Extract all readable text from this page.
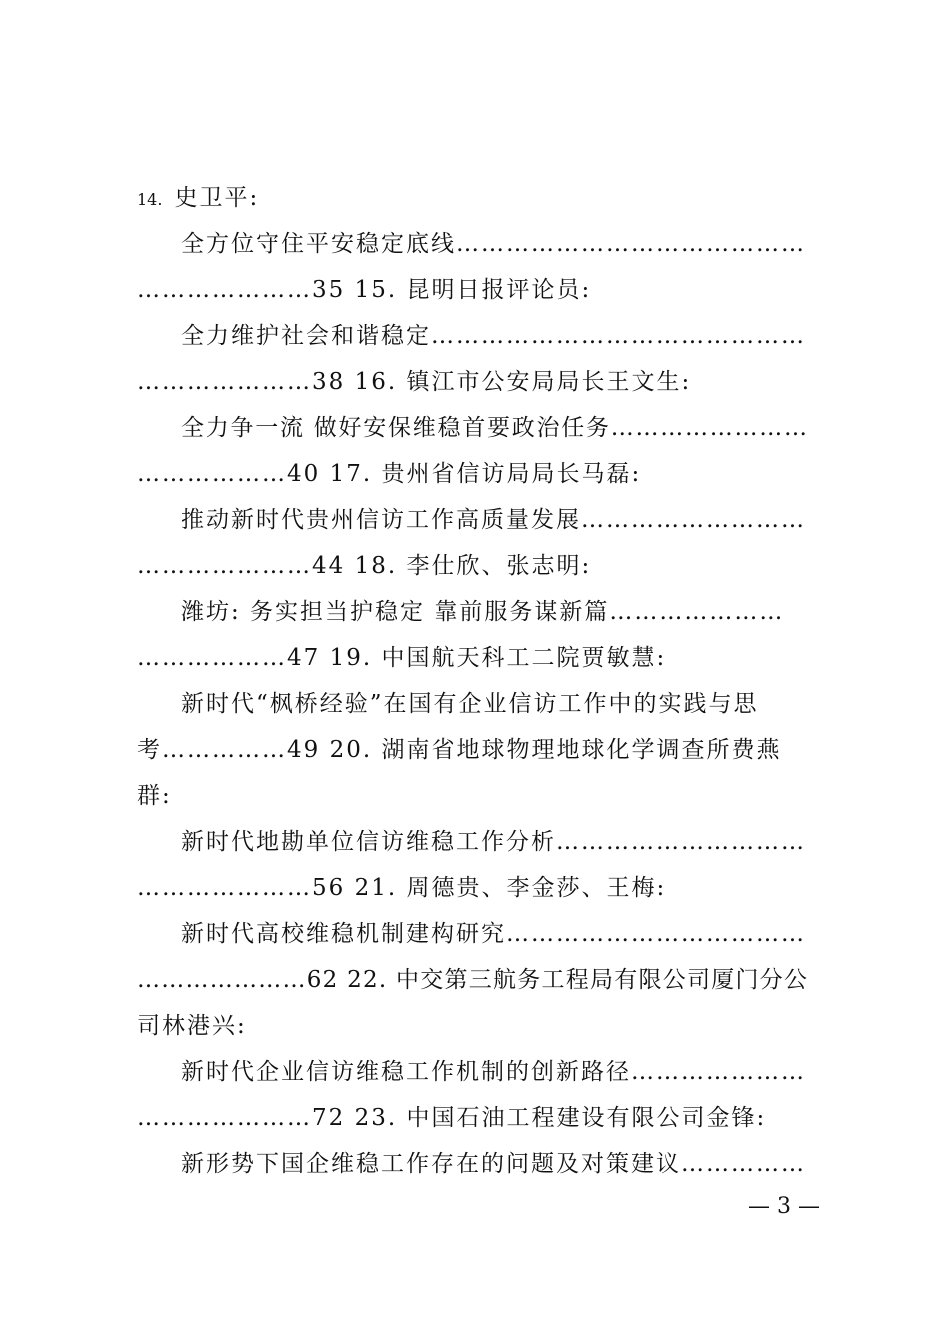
14. 史卫平:
全方位守住平安稳定底线……………………………………
…………………35 15. 昆明日报评论员:
全力维护社会和谐稳定………………………………………
…………………38 16. 镇江市公安局局长王文生:
全力争一流 做好安保维稳首要政治任务……………………
………………40 17. 贵州省信访局局长马磊:
推动新时代贵州信访工作高质量发展………………………
…………………44 18. 李仕欣、张志明:
潍坊: 务实担当护稳定 靠前服务谋新篇…………………
………………47 19. 中国航天科工二院贾敏慧:
新时代“枫桥经验”在国有企业信访工作中的实践与思
考……………49 20. 湖南省地球物理地球化学调查所费燕
群:
新时代地勘单位信访维稳工作分析…………………………
…………………56 21. 周德贵、李金莎、王梅:
新时代高校维稳机制建构研究………………………………
…………………62 22. 中交第三航务工程局有限公司厦门分公
司林港兴:
新时代企业信访维稳工作机制的创新路径…………………
…………………72 23. 中国石油工程建设有限公司金锋:
新形势下国企维稳工作存在的问题及对策建议……………
— 3 —
